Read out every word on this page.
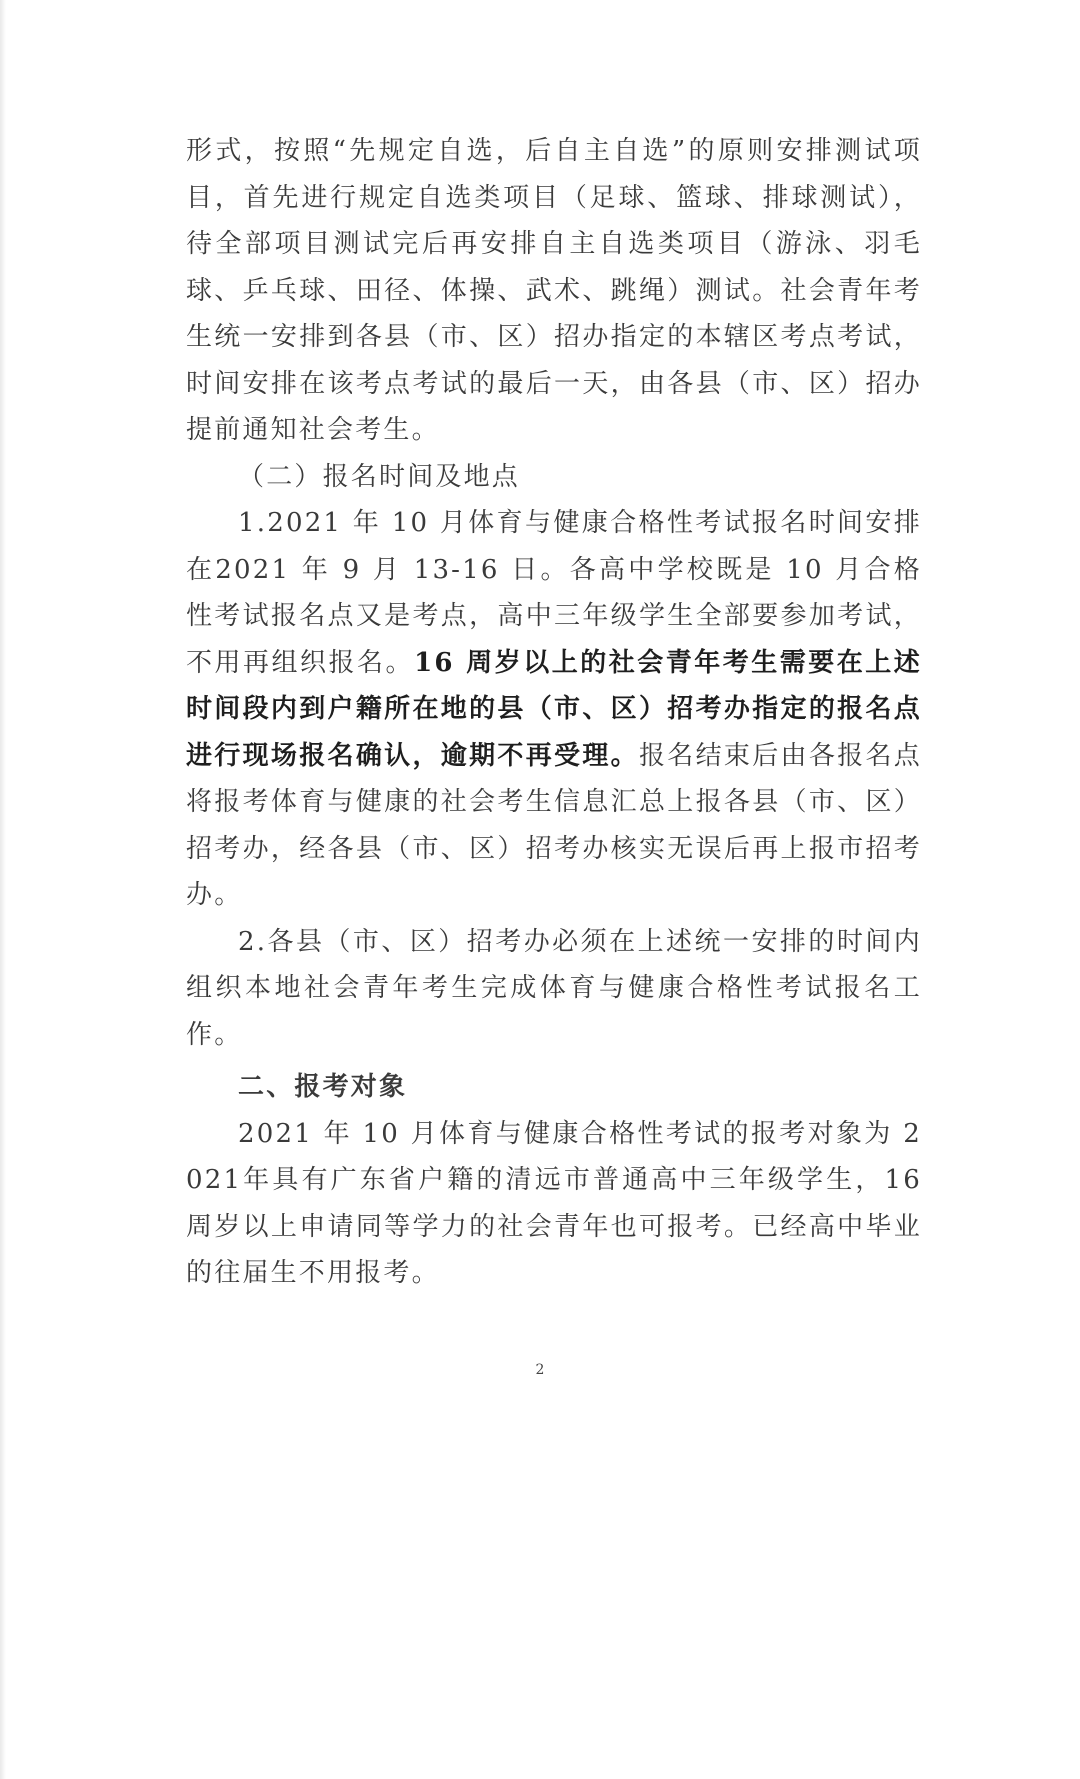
形式，按照“先规定自选，后自主自选”的原则安排测试项目，首先进行规定自选类项目（足球、篮球、排球测试），待全部项目测试完后再安排自主自选类项目（游泳、羽毛球、乒乓球、田径、体操、武术、跳绳）测试。社会青年考生统一安排到各县（市、区）招办指定的本辖区考点考试，时间安排在该考点考试的最后一天，由各县（市、区）招办提前通知社会考生。

（二）报名时间及地点

1.2021 年 10 月体育与健康合格性考试报名时间安排在2021 年 9 月 13-16 日。各高中学校既是 10 月合格性考试报名点又是考点，高中三年级学生全部要参加考试，不用再组织报名。16 周岁以上的社会青年考生需要在上述时间段内到户籍所在地的县（市、区）招考办指定的报名点进行现场报名确认，逾期不再受理。报名结束后由各报名点将报考体育与健康的社会考生信息汇总上报各县（市、区）招考办，经各县（市、区）招考办核实无误后再上报市招考办。

2.各县（市、区）招考办必须在上述统一安排的时间内组织本地社会青年考生完成体育与健康合格性考试报名工作。

二、报考对象

2021 年 10 月体育与健康合格性考试的报考对象为 2021年具有广东省户籍的清远市普通高中三年级学生，16 周岁以上申请同等学力的社会青年也可报考。已经高中毕业的往届生不用报考。

2
